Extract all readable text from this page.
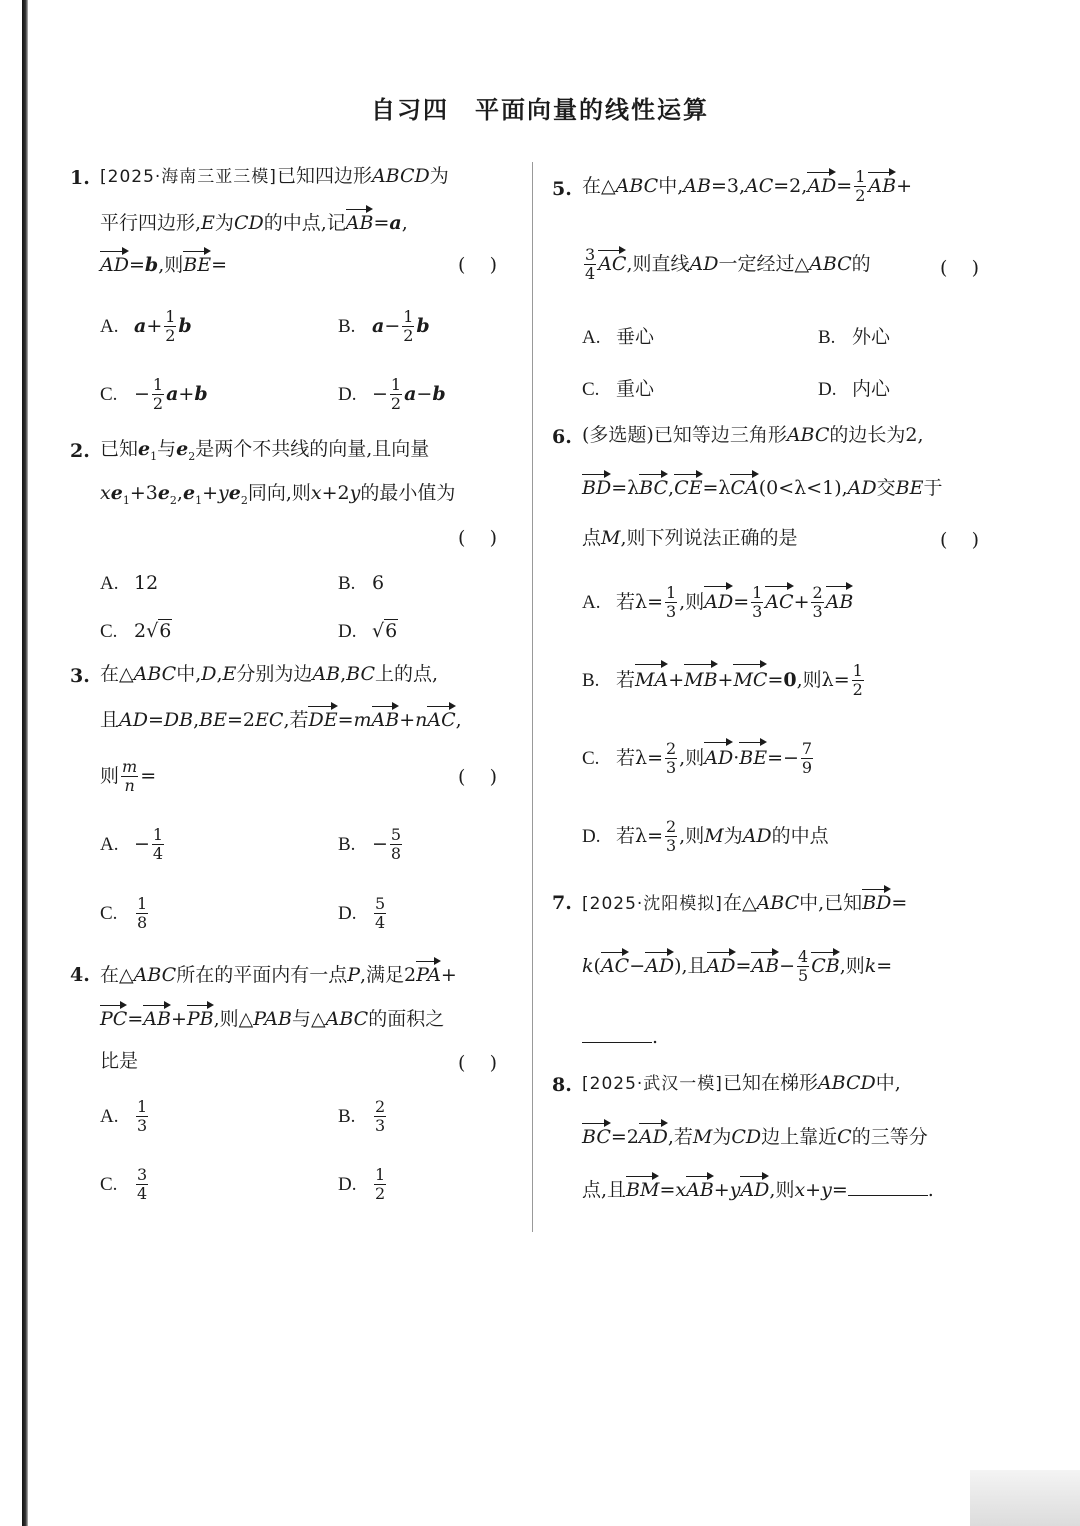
自习四 平面向量的线性运算
1. [2025·海南三亚三模]已知四边形ABCD为
平行四边形,E为CD的中点,记AB=a,
AD=b,则BE=	(    )
A. $a+ \frac{1}{2}$ b	B. $a- \frac{1}{2}$ b
C. − $\frac{1}{2} a+b$	D. − $\frac{1}{2} a-b$
2. 已知$e_1$与$e_2$是两个不共线的向量,且向量
$xe_1+3e_2,e_1+ye_2$同向,则x+2y的最小值为
(    )
A. 12	B. 6
C. 2√6	D. √6
3. 在△ABC中,D,E分别为边AB,BC上的点,
且AD=DB,BE=2EC,若DE=mAB+nAC,
则 $\frac{m}{n}$ =	(    )
A. − $\frac{1}{4}$	B. − $\frac{5}{8}$
C. $\frac{1}{8}$	D. $\frac{5}{4}$
4. 在△ABC所在的平面内有一点P,满足2PA+
PC=AB+PB,则△PAB与△ABC的面积之
比是	(    )
A. $\frac{1}{3}$	B. $\frac{2}{3}$
C. $\frac{3}{4}$	D. $\frac{1}{2}$
5. 在△ABC中$,AB=3,AC=2,AD= \frac{1}{2} AB+$
$\frac{3}{4}$ AC,则直线AD一定经过△ABC的	(    )
A. 垂心	B. 外心
C. 重心	D. 内心
6. (多选题)已知等边三角形ABC的边长为2,
BD=λBC,CE=λCA(0<λ<1),AD交BE于
点M,则下列说法正确的是	(    )
A. 若$\lambda= \frac{1}{3}$ ,则$AD= \frac{1}{3} AC+ \frac{2}{3}$ AB
B. 若MA+MB+MC=0,则$\lambda= \frac{1}{2}$
C. 若$\lambda= \frac{2}{3}$ ,则$AD\cdot BE=- \frac{7}{9}$
D. 若$\lambda= \frac{2}{3}$ ,则M为AD的中点
7. [2025·沈阳模拟]在△ABC中,已知BD=
k(AC−AD),且$AD=AB- \frac{4}{5}$ CB,则k=
.
8. [2025·武汉一模]已知在梯形ABCD中,
BC=2AD,若M为CD边上靠近C的三等分
点,且BM=xAB+yAD,则x+y=	.
